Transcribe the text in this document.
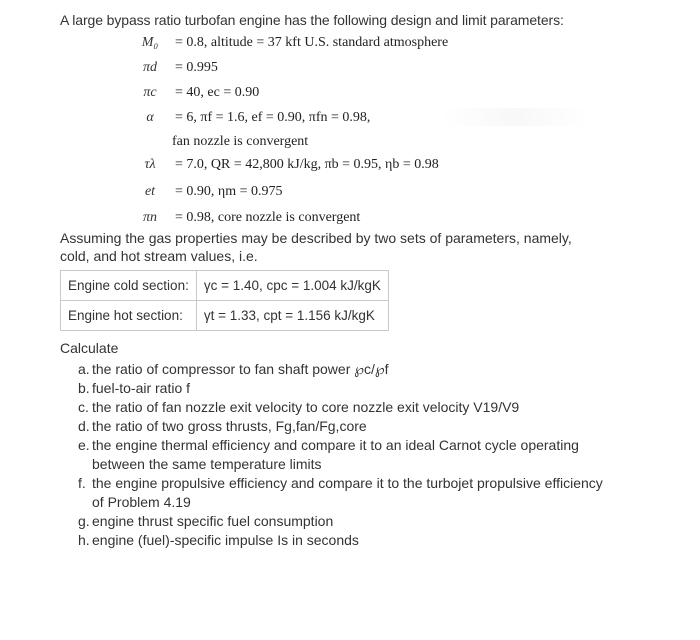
A large bypass ratio turbofan engine has the following design and limit parameters:
M₀	= 0.8, altitude = 37 kft U.S. standard atmosphere
πd	= 0.995
πc	= 40, ec = 0.90
α	= 6, πf = 1.6, ef = 0.90, πfn = 0.98,
fan nozzle is convergent
τλ	= 7.0, QR = 42,800 kJ/kg, πb = 0.95, ηb = 0.98
et	= 0.90, ηm = 0.975
πn	= 0.98, core nozzle is convergent
Assuming the gas properties may be described by two sets of parameters, namely,
cold, and hot stream values, i.e.
Engine cold section:	γc = 1.40, cpc = 1.004 kJ/kgK
Engine hot section:	γt = 1.33, cpt = 1.156 kJ/kgK
Calculate
a. the ratio of compressor to fan shaft power ℘c/℘f
b. fuel-to-air ratio f
c. the ratio of fan nozzle exit velocity to core nozzle exit velocity V19/V9
d. the ratio of two gross thrusts, Fg,fan/Fg,core
e. the engine thermal efficiency and compare it to an ideal Carnot cycle operating between the same temperature limits
f. the engine propulsive efficiency and compare it to the turbojet propulsive efficiency of Problem 4.19
g. engine thrust specific fuel consumption
h. engine (fuel)-specific impulse Is in seconds
